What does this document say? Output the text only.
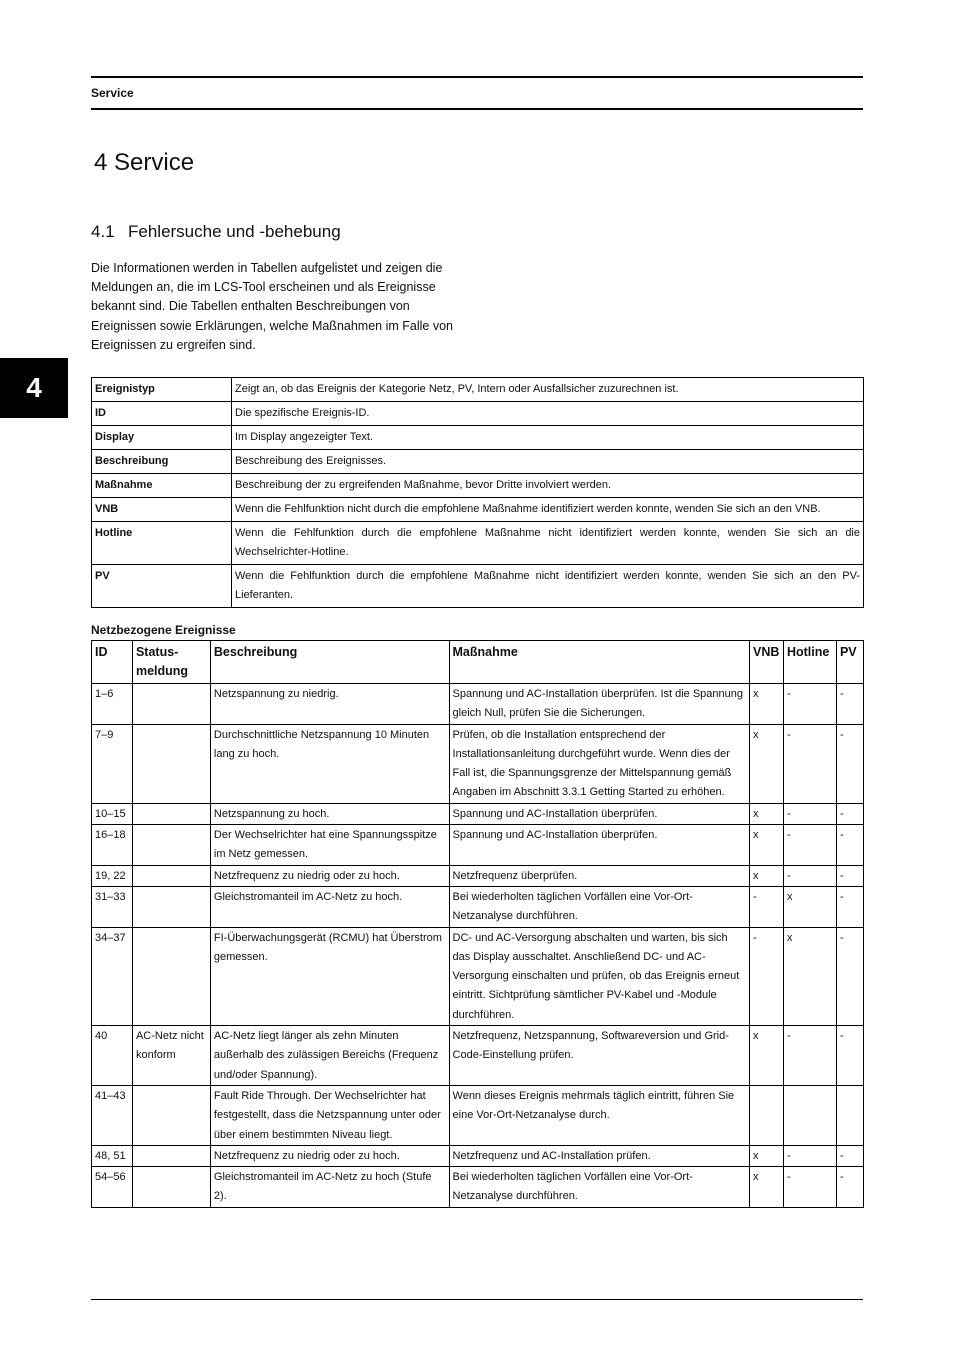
Service
4 Service
4
4.1 Fehlersuche und -behebung

Die Informationen werden in Tabellen aufgelistet und zeigen die Meldungen an, die im LCS-Tool erscheinen und als Ereignisse bekannt sind. Die Tabellen enthalten Beschreibungen von Ereignissen sowie Erklärungen, welche Maßnahmen im Falle von Ereignissen zu ergreifen sind.

Ereignistyp	Zeigt an, ob das Ereignis der Kategorie Netz, PV, Intern oder Ausfallsicher zuzurechnen ist.
ID	Die spezifische Ereignis-ID.
Display	Im Display angezeigter Text.
Beschreibung	Beschreibung des Ereignisses.
Maßnahme	Beschreibung der zu ergreifenden Maßnahme, bevor Dritte involviert werden.
VNB	Wenn die Fehlfunktion nicht durch die empfohlene Maßnahme identifiziert werden konnte, wenden Sie sich an den VNB.
Hotline	Wenn die Fehlfunktion durch die empfohlene Maßnahme nicht identifiziert werden konnte, wenden Sie sich an die Wechselrichter-Hotline.
PV	Wenn die Fehlfunktion durch die empfohlene Maßnahme nicht identifiziert werden konnte, wenden Sie sich an den PV-Lieferanten.
Netzbezogene Ereignisse
ID	Status-meldung	Beschreibung	Maßnahme	VNB	Hotline	PV
1–6		Netzspannung zu niedrig.	Spannung und AC-Installation überprüfen. Ist die Spannung gleich Null, prüfen Sie die Sicherungen.	x	-	-
7–9		Durchschnittliche Netzspannung 10 Minuten lang zu hoch.	Prüfen, ob die Installation entsprechend der Installationsanleitung durchgeführt wurde. Wenn dies der Fall ist, die Spannungsgrenze der Mittelspannung gemäß Angaben im Abschnitt 3.3.1 Getting Started zu erhöhen.	x	-	-
10–15		Netzspannung zu hoch.	Spannung und AC-Installation überprüfen.	x	-	-
16–18		Der Wechselrichter hat eine Spannungsspitze im Netz gemessen.	Spannung und AC-Installation überprüfen.	x	-	-
19, 22		Netzfrequenz zu niedrig oder zu hoch.	Netzfrequenz überprüfen.	x	-	-
31–33		Gleichstromanteil im AC-Netz zu hoch.	Bei wiederholten täglichen Vorfällen eine Vor-Ort-Netzanalyse durchführen.	-	x	-
34–37		FI-Überwachungsgerät (RCMU) hat Überstrom gemessen.	DC- und AC-Versorgung abschalten und warten, bis sich das Display ausschaltet. Anschließend DC- und AC-Versorgung einschalten und prüfen, ob das Ereignis erneut eintritt. Sichtprüfung sämtlicher PV-Kabel und -Module durchführen.	-	x	-
40	AC-Netz nicht konform	AC-Netz liegt länger als zehn Minuten außerhalb des zulässigen Bereichs (Frequenz und/oder Spannung).	Netzfrequenz, Netzspannung, Softwareversion und Grid-Code-Einstellung prüfen.	x	-	-
41–43		Fault Ride Through. Der Wechselrichter hat festgestellt, dass die Netzspannung unter oder über einem bestimmten Niveau liegt.	Wenn dieses Ereignis mehrmals täglich eintritt, führen Sie eine Vor-Ort-Netzanalyse durch.			
48, 51		Netzfrequenz zu niedrig oder zu hoch.	Netzfrequenz und AC-Installation prüfen.	x	-	-
54–56		Gleichstromanteil im AC-Netz zu hoch (Stufe 2).	Bei wiederholten täglichen Vorfällen eine Vor-Ort-Netzanalyse durchführen.	x	-	-
